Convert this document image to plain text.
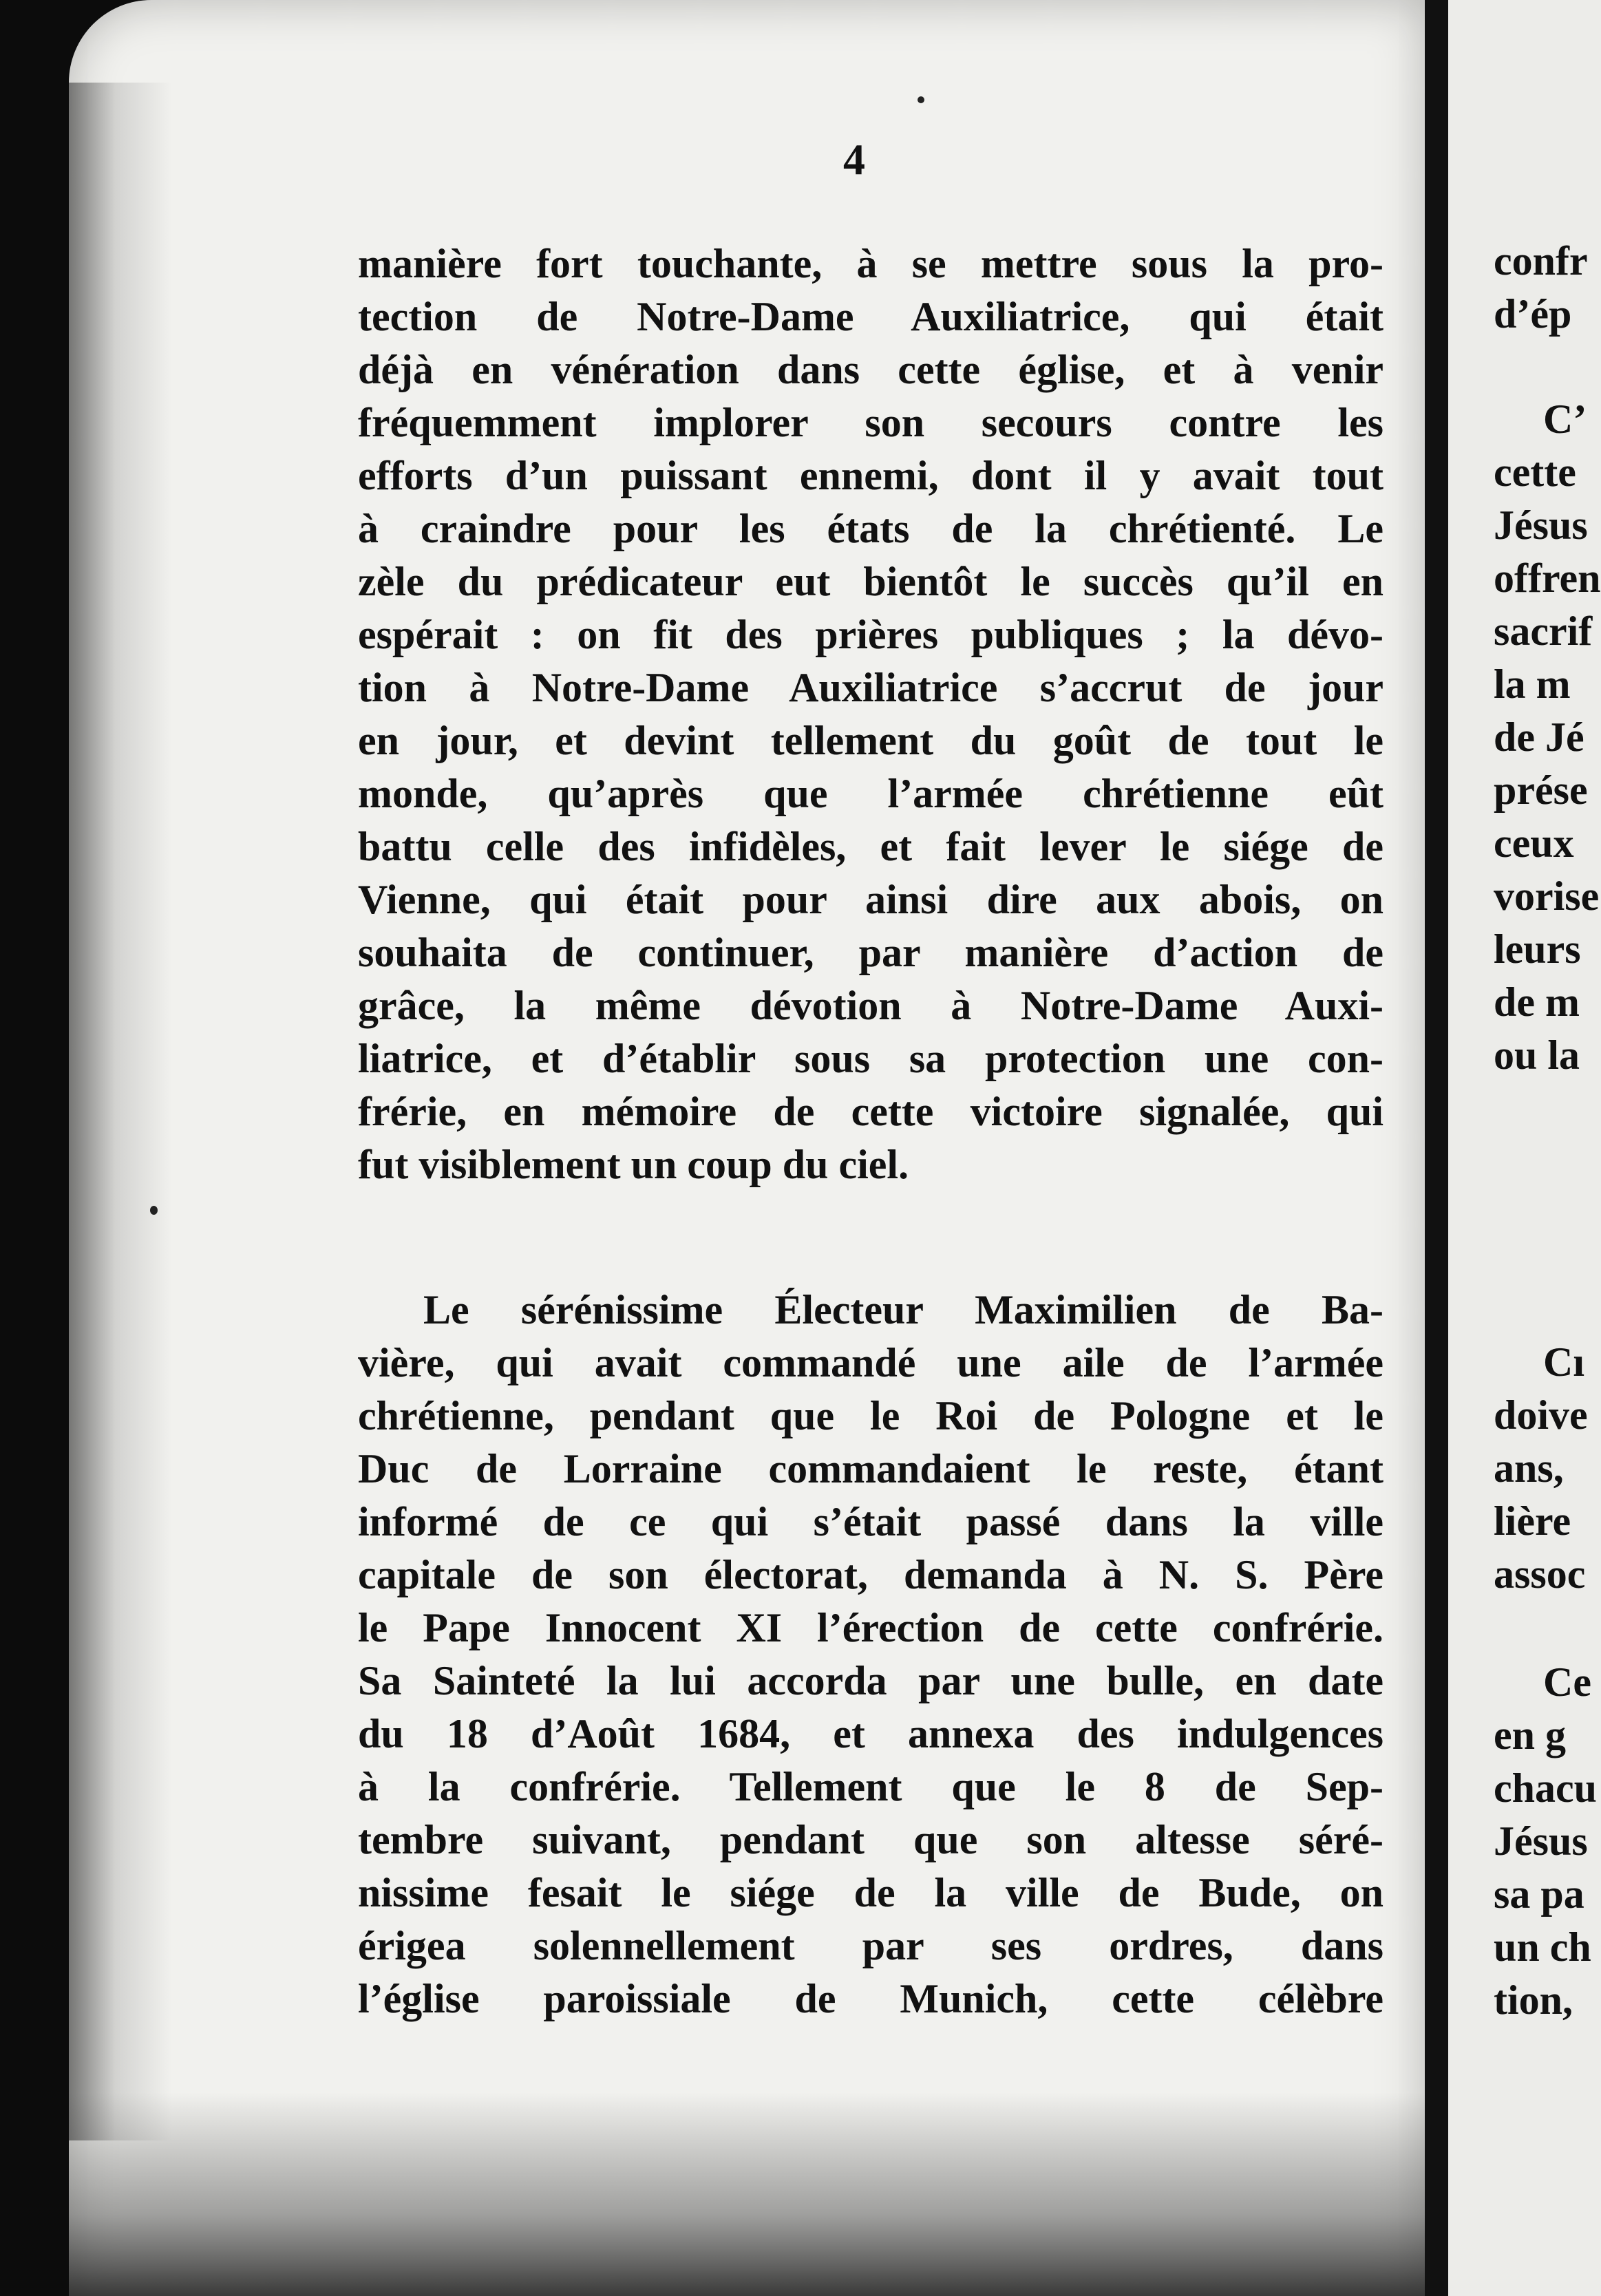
4
manière fort touchante, à se mettre sous la pro-
tection de Notre-Dame Auxiliatrice, qui était
déjà en vénération dans cette église, et à venir
fréquemment implorer son secours contre les
efforts d’un puissant ennemi, dont il y avait tout
à craindre pour les états de la chrétienté. Le
zèle du prédicateur eut bientôt le succès qu’il en
espérait : on fit des prières publiques ; la dévo-
tion à Notre-Dame Auxiliatrice s’accrut de jour
en jour, et devint tellement du goût de tout le
monde, qu’après que l’armée chrétienne eût
battu celle des infidèles, et fait lever le siége de
Vienne, qui était pour ainsi dire aux abois, on
souhaita de continuer, par manière d’action de
grâce, la même dévotion à Notre-Dame Auxi-
liatrice, et d’établir sous sa protection une con-
frérie, en mémoire de cette victoire signalée, qui
fut visiblement un coup du ciel.
Le sérénissime Électeur Maximilien de Ba-
vière, qui avait commandé une aile de l’armée
chrétienne, pendant que le Roi de Pologne et le
Duc de Lorraine commandaient le reste, étant
informé de ce qui s’était passé dans la ville
capitale de son électorat, demanda à N. S. Père
le Pape Innocent XI l’érection de cette confrérie.
Sa Sainteté la lui accorda par une bulle, en date
du 18 d’Août 1684, et annexa des indulgences
à la confrérie. Tellement que le 8 de Sep-
tembre suivant, pendant que son altesse séré-
nissime fesait le siége de la ville de Bude, on
érigea solennellement par ses ordres, dans
l’église paroissiale de Munich, cette célèbre
confr
d’ép
C’
cette
Jésus
offren
sacrif
la m
de Jé
prése
ceux
vorise
leurs
de m
ou la
Cı
doive
ans,
lière
assoc
Ce
en g
chacu
Jésus
sa pa
un ch
tion,
